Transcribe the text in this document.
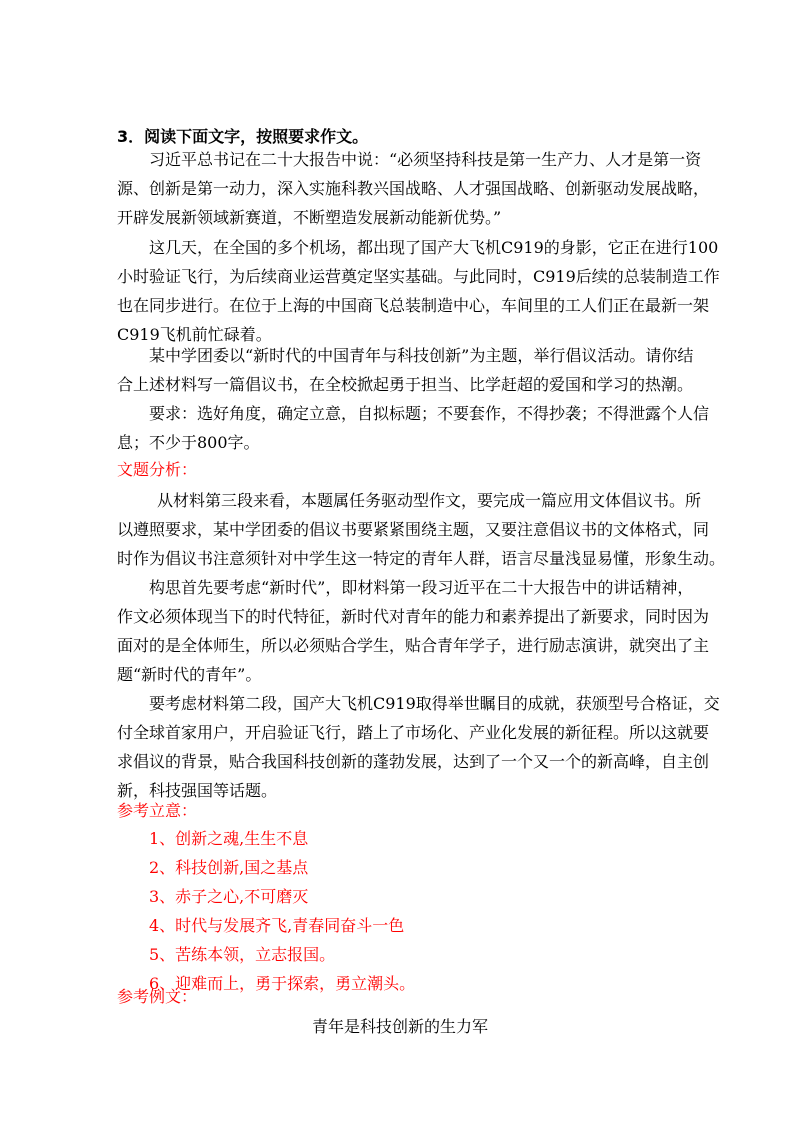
3．阅读下面文字，按照要求作文。
习近平总书记在二十大报告中说：“必须坚持科技是第一生产力、人才是第一资
源、创新是第一动力，深入实施科教兴国战略、人才强国战略、创新驱动发展战略，
开辟发展新领域新赛道，不断塑造发展新动能新优势。”
这几天，在全国的多个机场，都出现了国产大飞机C919的身影，它正在进行100
小时验证飞行，为后续商业运营奠定坚实基础。与此同时，C919后续的总装制造工作
也在同步进行。在位于上海的中国商飞总装制造中心，车间里的工人们正在最新一架
C919飞机前忙碌着。
某中学团委以“新时代的中国青年与科技创新”为主题，举行倡议活动。请你结
合上述材料写一篇倡议书，在全校掀起勇于担当、比学赶超的爱国和学习的热潮。
要求：选好角度，确定立意，自拟标题；不要套作，不得抄袭；不得泄露个人信
息；不少于800字。
文题分析：
从材料第三段来看，本题属任务驱动型作文，要完成一篇应用文体倡议书。所
以遵照要求，某中学团委的倡议书要紧紧围绕主题，又要注意倡议书的文体格式，同
时作为倡议书注意须针对中学生这一特定的青年人群，语言尽量浅显易懂，形象生动。
构思首先要考虑“新时代”，即材料第一段习近平在二十大报告中的讲话精神，
作文必须体现当下的时代特征，新时代对青年的能力和素养提出了新要求，同时因为
面对的是全体师生，所以必须贴合学生，贴合青年学子，进行励志演讲，就突出了主
题“新时代的青年”。
要考虑材料第二段，国产大飞机C919取得举世瞩目的成就，获颁型号合格证，交
付全球首家用户，开启验证飞行，踏上了市场化、产业化发展的新征程。所以这就要
求倡议的背景，贴合我国科技创新的蓬勃发展，达到了一个又一个的新高峰，自主创
新，科技强国等话题。
参考立意：
1、创新之魂,生生不息
2、科技创新,国之基点
3、赤子之心,不可磨灭
4、时代与发展齐飞,青春同奋斗一色
5、苦练本领，立志报国。
6、迎难而上，勇于探索，勇立潮头。
参考例文：
青年是科技创新的生力军
